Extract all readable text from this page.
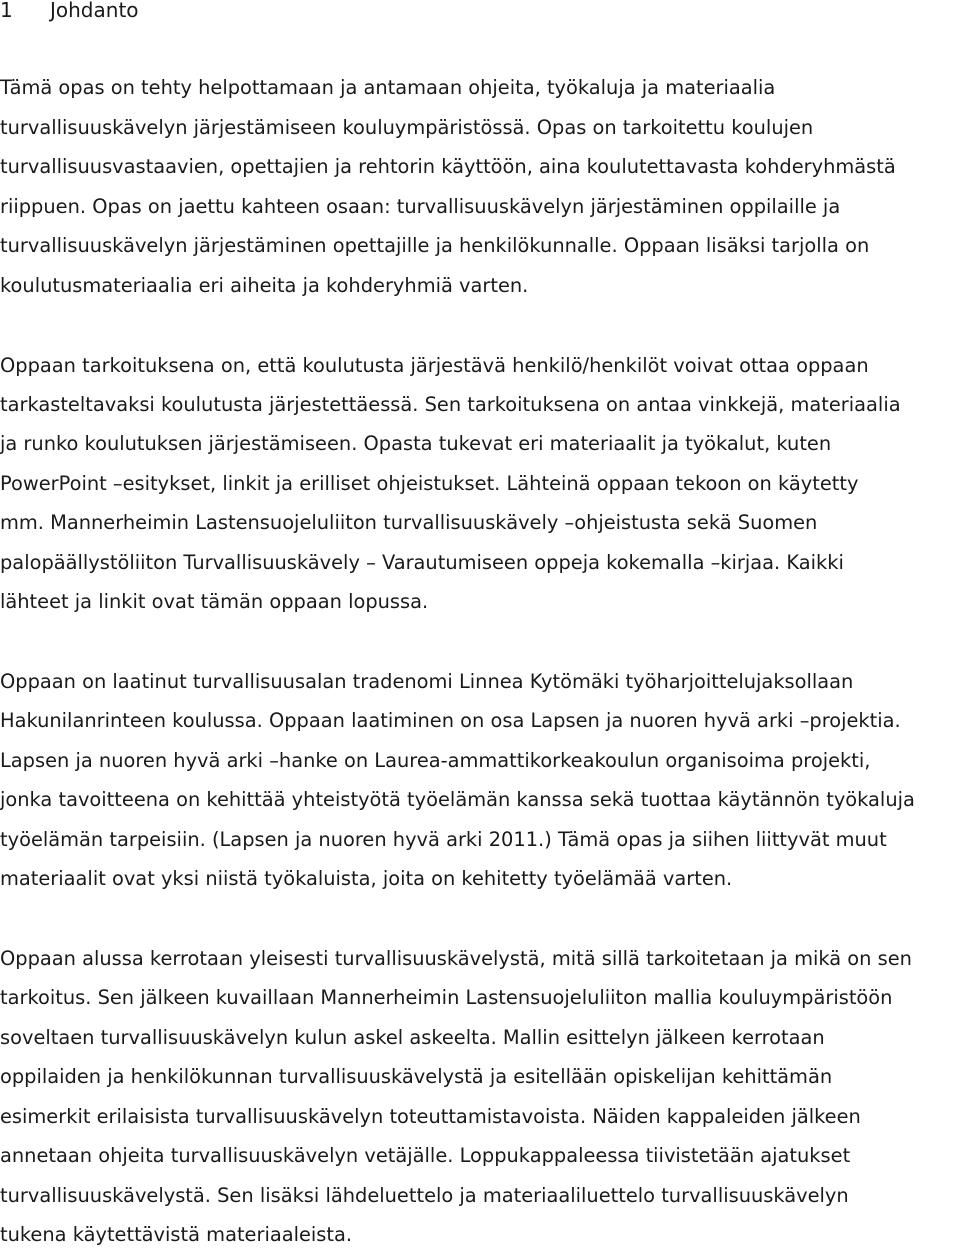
1 Johdanto
Tämä opas on tehty helpottamaan ja antamaan ohjeita, työkaluja ja materiaalia
turvallisuuskävelyn järjestämiseen kouluympäristössä. Opas on tarkoitettu koulujen
turvallisuusvastaavien, opettajien ja rehtorin käyttöön, aina koulutettavasta kohderyhmästä
riippuen. Opas on jaettu kahteen osaan: turvallisuuskävelyn järjestäminen oppilaille ja
turvallisuuskävelyn järjestäminen opettajille ja henkilökunnalle. Oppaan lisäksi tarjolla on
koulutusmateriaalia eri aiheita ja kohderyhmiä varten.
Oppaan tarkoituksena on, että koulutusta järjestävä henkilö/henkilöt voivat ottaa oppaan
tarkasteltavaksi koulutusta järjestettäessä. Sen tarkoituksena on antaa vinkkejä, materiaalia
ja runko koulutuksen järjestämiseen. Opasta tukevat eri materiaalit ja työkalut, kuten
PowerPoint –esitykset, linkit ja erilliset ohjeistukset. Lähteinä oppaan tekoon on käytetty
mm. Mannerheimin Lastensuojeluliiton turvallisuuskävely –ohjeistusta sekä Suomen
palopäällystöliiton Turvallisuuskävely – Varautumiseen oppeja kokemalla –kirjaa. Kaikki
lähteet ja linkit ovat tämän oppaan lopussa.
Oppaan on laatinut turvallisuusalan tradenomi Linnea Kytömäki työharjoittelujaksollaan
Hakunilanrinteen koulussa. Oppaan laatiminen on osa Lapsen ja nuoren hyvä arki –projektia.
Lapsen ja nuoren hyvä arki –hanke on Laurea-ammattikorkeakoulun organisoima projekti,
jonka tavoitteena on kehittää yhteistyötä työelämän kanssa sekä tuottaa käytännön työkaluja
työelämän tarpeisiin. (Lapsen ja nuoren hyvä arki 2011.) Tämä opas ja siihen liittyvät muut
materiaalit ovat yksi niistä työkaluista, joita on kehitetty työelämää varten.
Oppaan alussa kerrotaan yleisesti turvallisuuskävelystä, mitä sillä tarkoitetaan ja mikä on sen
tarkoitus. Sen jälkeen kuvaillaan Mannerheimin Lastensuojeluliiton mallia kouluympäristöön
soveltaen turvallisuuskävelyn kulun askel askeelta. Mallin esittelyn jälkeen kerrotaan
oppilaiden ja henkilökunnan turvallisuuskävelystä ja esitellään opiskelijan kehittämän
esimerkit erilaisista turvallisuuskävelyn toteuttamistavoista. Näiden kappaleiden jälkeen
annetaan ohjeita turvallisuuskävelyn vetäjälle. Loppukappaleessa tiivistetään ajatukset
turvallisuuskävelystä. Sen lisäksi lähdeluettelo ja materiaaliluettelo turvallisuuskävelyn
tukena käytettävistä materiaaleista.
